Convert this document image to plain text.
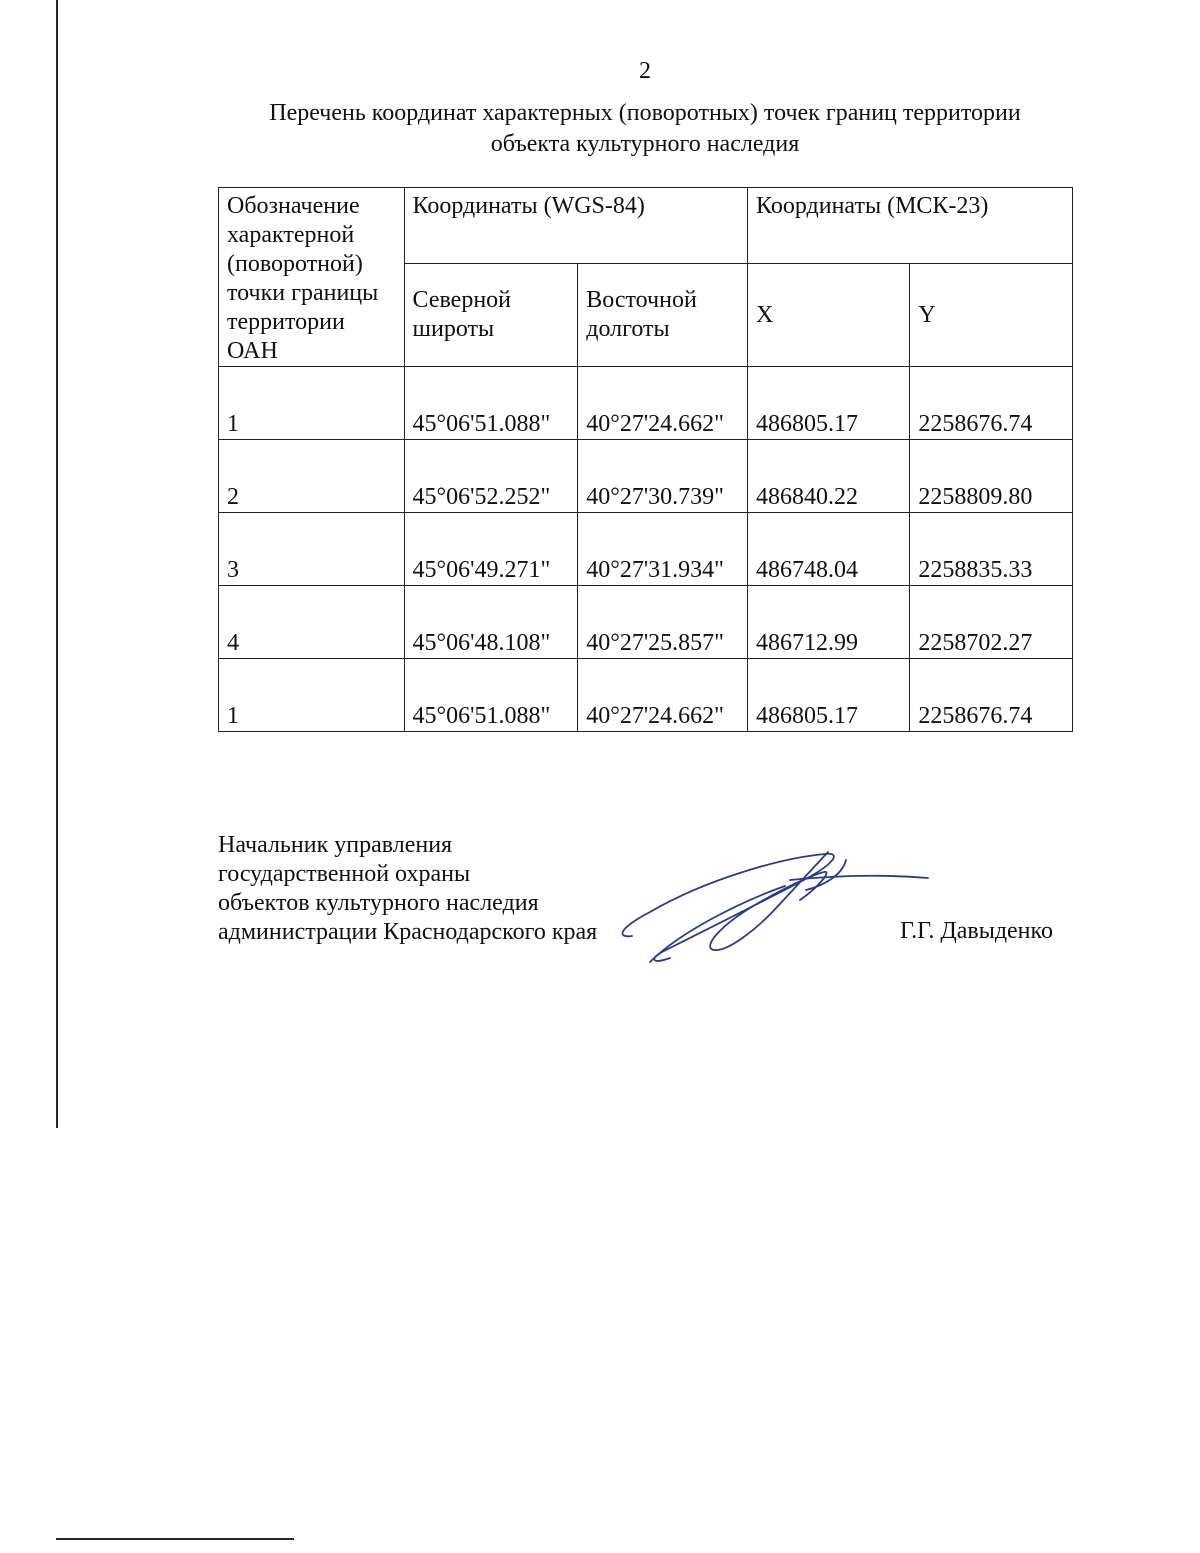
2
Перечень координат характерных (поворотных) точек границ территории
объекта культурного наследия
Обозначение характерной (поворотной) точки границы территории ОАН	Координаты (WGS-84)		Координаты (МСК-23)	
	Северной широты	Восточной долготы	X	Y
1	45°06'51.088"	40°27'24.662"	486805.17	2258676.74
2	45°06'52.252"	40°27'30.739"	486840.22	2258809.80
3	45°06'49.271"	40°27'31.934"	486748.04	2258835.33
4	45°06'48.108"	40°27'25.857"	486712.99	2258702.27
1	45°06'51.088"	40°27'24.662"	486805.17	2258676.74
Начальник управления
государственной охраны
объектов культурного наследия
администрации Краснодарского края	Г.Г. Давыденко
